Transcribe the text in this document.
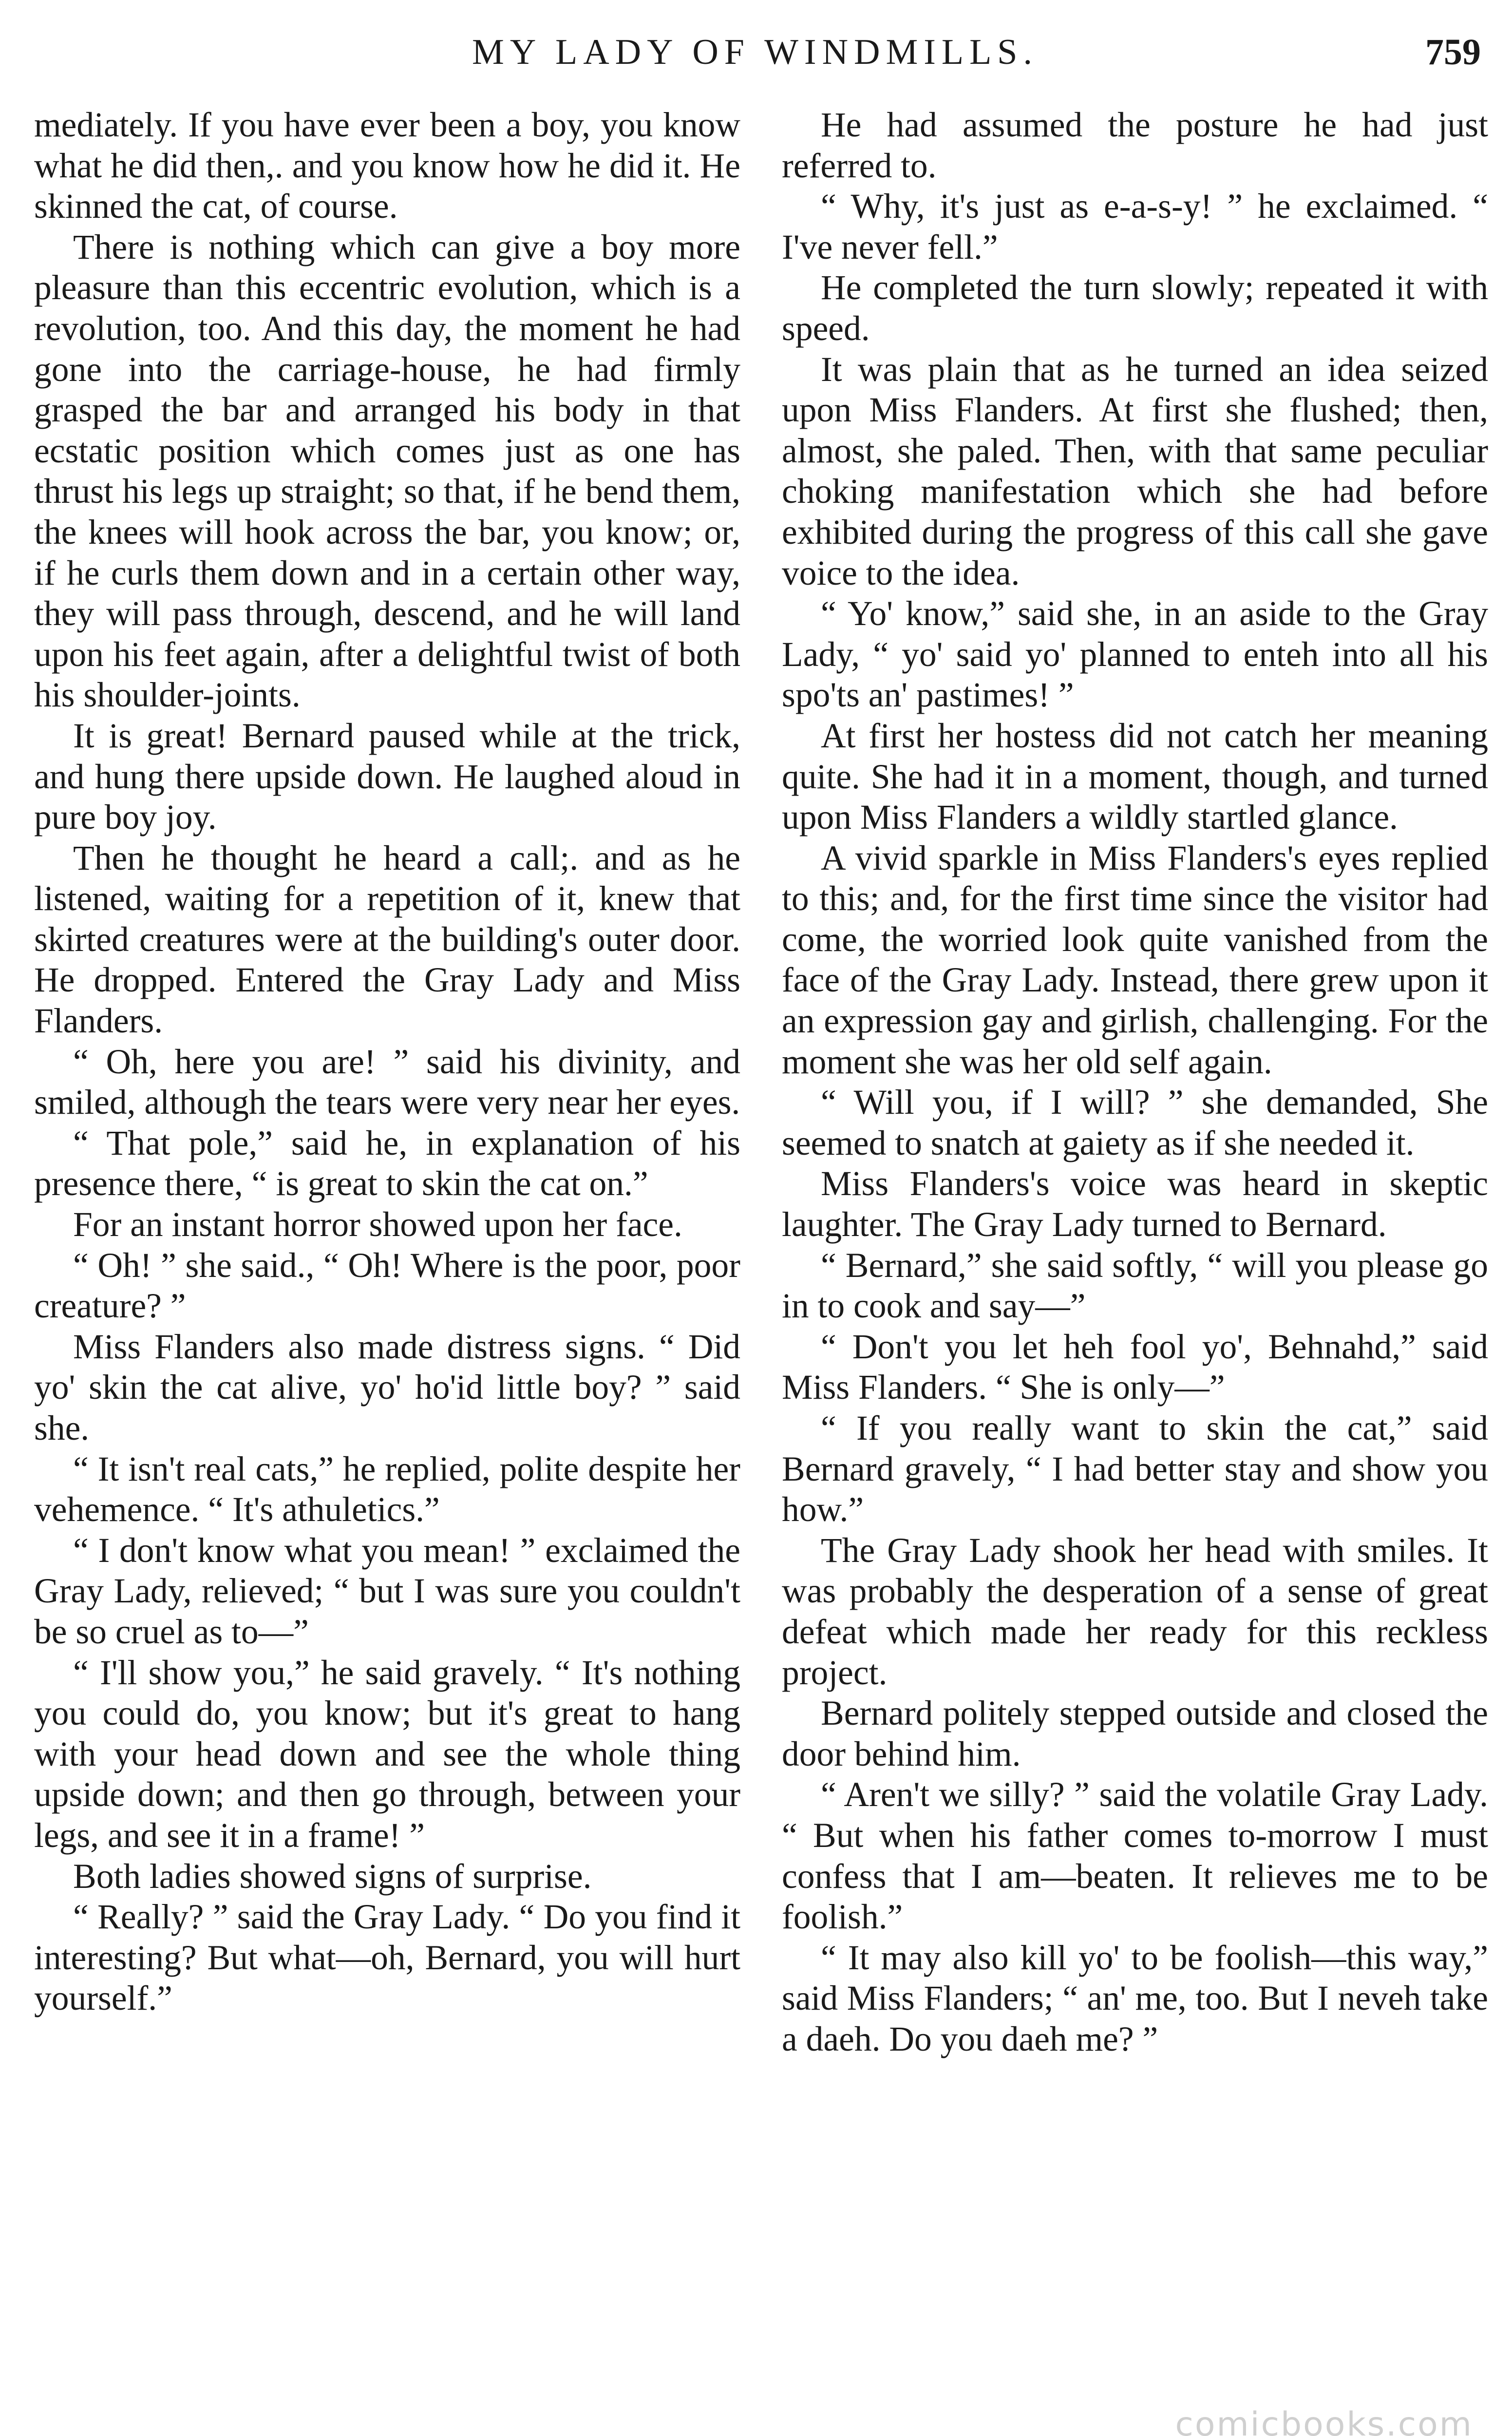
MY LADY OF WINDMILLS.	759

mediately. If you have ever been a boy, you know what he did then,. and you know how he did it. He skinned the cat, of course.

There is nothing which can give a boy more pleasure than this eccentric evolution, which is a revolution, too. And this day, the moment he had gone into the carriage-house, he had firmly grasped the bar and arranged his body in that ecstatic position which comes just as one has thrust his legs up straight; so that, if he bend them, the knees will hook across the bar, you know; or, if he curls them down and in a certain other way, they will pass through, descend, and he will land upon his feet again, after a delightful twist of both his shoulder-joints.

It is great! Bernard paused while at the trick, and hung there upside down. He laughed aloud in pure boy joy.

Then he thought he heard a call;. and as he listened, waiting for a repetition of it, knew that skirted creatures were at the building's outer door. He dropped. Entered the Gray Lady and Miss Flanders.

“ Oh, here you are! ” said his divinity, and smiled, although the tears were very near her eyes.

“ That pole,” said he, in explanation of his presence there, “ is great to skin the cat on.”

For an instant horror showed upon her face.

“ Oh! ” she said., “ Oh! Where is the poor, poor creature? ”

Miss Flanders also made distress signs. “ Did yo' skin the cat alive, yo' ho'id little boy? ” said she.

“ It isn't real cats,” he replied, polite despite her vehemence. “ It's athuletics.”

“ I don't know what you mean! ” exclaimed the Gray Lady, relieved; “ but I was sure you couldn't be so cruel as to—”

“ I'll show you,” he said gravely. “ It's nothing you could do, you know; but it's great to hang with your head down and see the whole thing upside down; and then go through, between your legs, and see it in a frame! ”

Both ladies showed signs of surprise.

“ Really? ” said the Gray Lady. “ Do you find it interesting? But what—oh, Bernard, you will hurt yourself.”

He had assumed the posture he had just referred to.

“ Why, it's just as e-a-s-y! ” he exclaimed. “ I've never fell.”

He completed the turn slowly; repeated it with speed.

It was plain that as he turned an idea seized upon Miss Flanders. At first she flushed; then, almost, she paled. Then, with that same peculiar choking manifestation which she had before exhibited during the progress of this call she gave voice to the idea.

“ Yo' know,” said she, in an aside to the Gray Lady, “ yo' said yo' planned to enteh into all his spo'ts an' pastimes! ”

At first her hostess did not catch her meaning quite. She had it in a moment, though, and turned upon Miss Flanders a wildly startled glance.

A vivid sparkle in Miss Flanders's eyes replied to this; and, for the first time since the visitor had come, the worried look quite vanished from the face of the Gray Lady. Instead, there grew upon it an expression gay and girlish, challenging. For the moment she was her old self again.

“ Will you, if I will? ” she demanded, She seemed to snatch at gaiety as if she needed it.

Miss Flanders's voice was heard in skeptic laughter. The Gray Lady turned to Bernard.

“ Bernard,” she said softly, “ will you please go in to cook and say—”

“ Don't you let heh fool yo', Behnahd,” said Miss Flanders. “ She is only—”

“ If you really want to skin the cat,” said Bernard gravely, “ I had better stay and show you how.”

The Gray Lady shook her head with smiles. It was probably the desperation of a sense of great defeat which made her ready for this reckless project.

Bernard politely stepped outside and closed the door behind him.

“ Aren't we silly? ” said the volatile Gray Lady. “ But when his father comes to-morrow I must confess that I am—beaten. It relieves me to be foolish.”

“ It may also kill yo' to be foolish—this way,” said Miss Flanders; “ an' me, too. But I neveh take a daeh. Do you daeh me? ”

comicbooks.com
